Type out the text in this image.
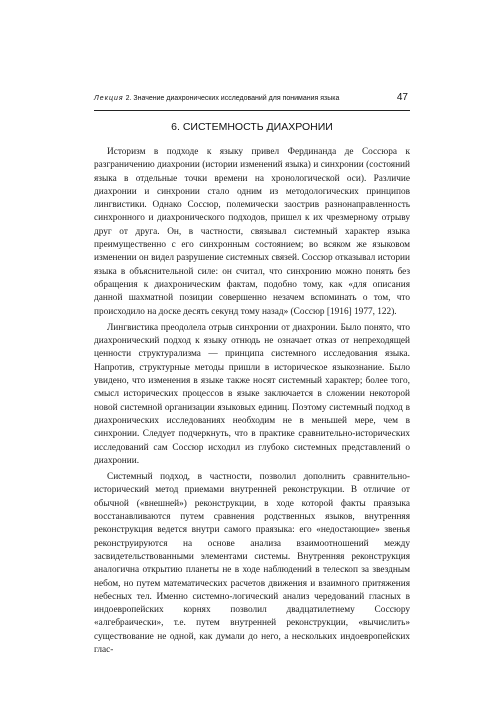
Лекция 2. Значение диахронических исследований для понимания языка	47
6. СИСТЕМНОСТЬ ДИАХРОНИИ

Историзм в подходе к языку привел Фердинанда де Соссюра к разграничению диахронии (истории изменений языка) и синхронии (состояний языка в отдельные точки времени на хронологической оси). Различие диахронии и синхронии стало одним из методологических принципов лингвистики. Однако Соссюр, полемически заострив разнонаправленность синхронного и диахронического подходов, пришел к их чрезмерному отрыву друг от друга. Он, в частности, связывал системный характер языка преимущественно с его синхронным состоянием; во всяком же языковом изменении он видел разрушение системных связей. Соссюр отказывал истории языка в объяснительной силе: он считал, что синхронию можно понять без обращения к диахроническим фактам, подобно тому, как «для описания данной шахматной позиции совершенно незачем вспоминать о том, что происходило на доске десять секунд тому назад» (Соссюр [1916] 1977, 122).

Лингвистика преодолела отрыв синхронии от диахронии. Было понято, что диахронический подход к языку отнюдь не означает отказ от непреходящей ценности структурализма — принципа системного исследования языка. Напротив, структурные методы пришли в историческое языкознание. Было увидено, что изменения в языке также носят системный характер; более того, смысл исторических процессов в языке заключается в сложении некоторой новой системной организации языковых единиц. Поэтому системный подход в диахронических исследованиях необходим не в меньшей мере, чем в синхронии. Следует подчеркнуть, что в практике сравнительно-исторических исследований сам Соссюр исходил из глубоко системных представлений о диахронии.

Системный подход, в частности, позволил дополнить сравнительно-исторический метод приемами внутренней реконструкции. В отличие от обычной («внешней») реконструкции, в ходе которой факты праязыка восстанавливаются путем сравнения родственных языков, внутренняя реконструкция ведется внутри самого праязыка: его «недостающие» звенья реконструируются на основе анализа взаимоотношений между засвидетельствованными элементами системы. Внутренняя реконструкция аналогична открытию планеты не в ходе наблюдений в телескоп за звездным небом, но путем математических расчетов движения и взаимного притяжения небесных тел. Именно системно-логический анализ чередований гласных в индоевропейских корнях позволил двадцатилетнему Соссюру «алгебраически», т.е. путем внутренней реконструкции, «вычислить» существование не одной, как думали до него, а нескольких индоевропейских глас-
